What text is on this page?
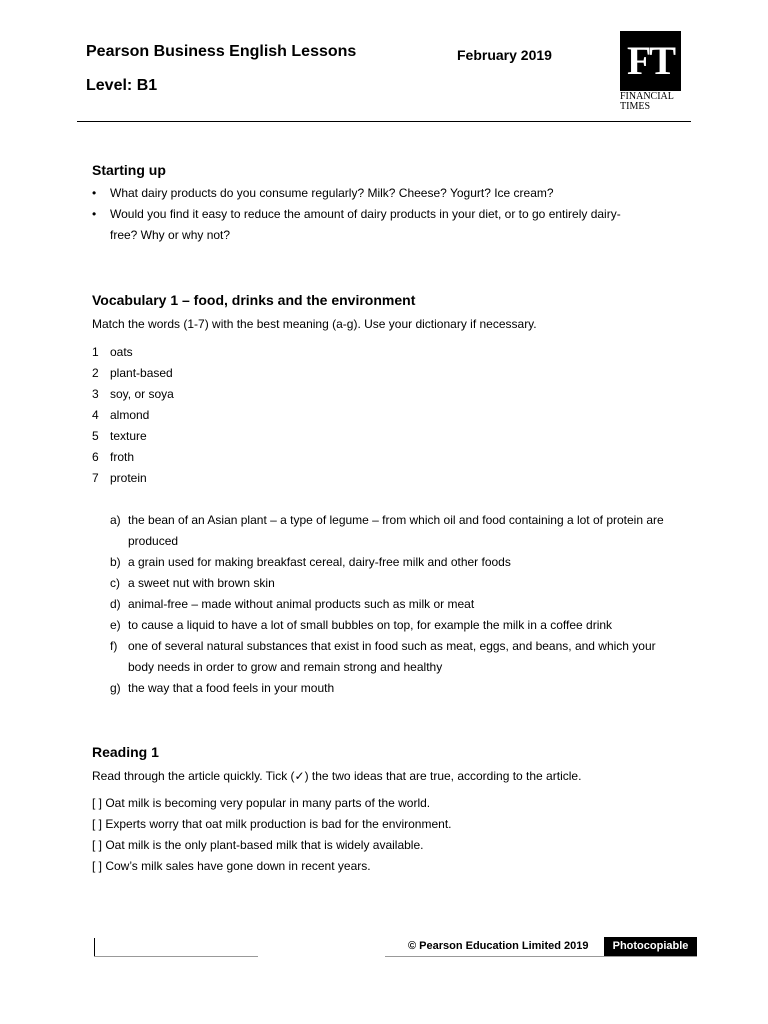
Pearson Business English Lessons
Level: B1
February 2019 FT
FINANCIAL
TIMES
Starting up
• What dairy products do you consume regularly? Milk? Cheese? Yogurt? Ice cream?
• Would you find it easy to reduce the amount of dairy products in your diet, or to go entirely dairy-free? Why or why not?
Vocabulary 1 – food, drinks and the environment
Match the words (1-7) with the best meaning (a-g). Use your dictionary if necessary.
1 oats
2 plant-based
3 soy, or soya
4 almond
5 texture
6 froth
7 protein
a) the bean of an Asian plant – a type of legume – from which oil and food containing a lot of protein are produced
b) a grain used for making breakfast cereal, dairy-free milk and other foods
c) a sweet nut with brown skin
d) animal-free – made without animal products such as milk or meat
e) to cause a liquid to have a lot of small bubbles on top, for example the milk in a coffee drink
f) one of several natural substances that exist in food such as meat, eggs, and beans, and which your body needs in order to grow and remain strong and healthy
g) the way that a food feels in your mouth
Reading 1
Read through the article quickly. Tick (✓) the two ideas that are true, according to the article.
[ ] Oat milk is becoming very popular in many parts of the world.
[ ] Experts worry that oat milk production is bad for the environment.
[ ] Oat milk is the only plant-based milk that is widely available.
[ ] Cow’s milk sales have gone down in recent years.
© Pearson Education Limited 2019	Photocopiable
